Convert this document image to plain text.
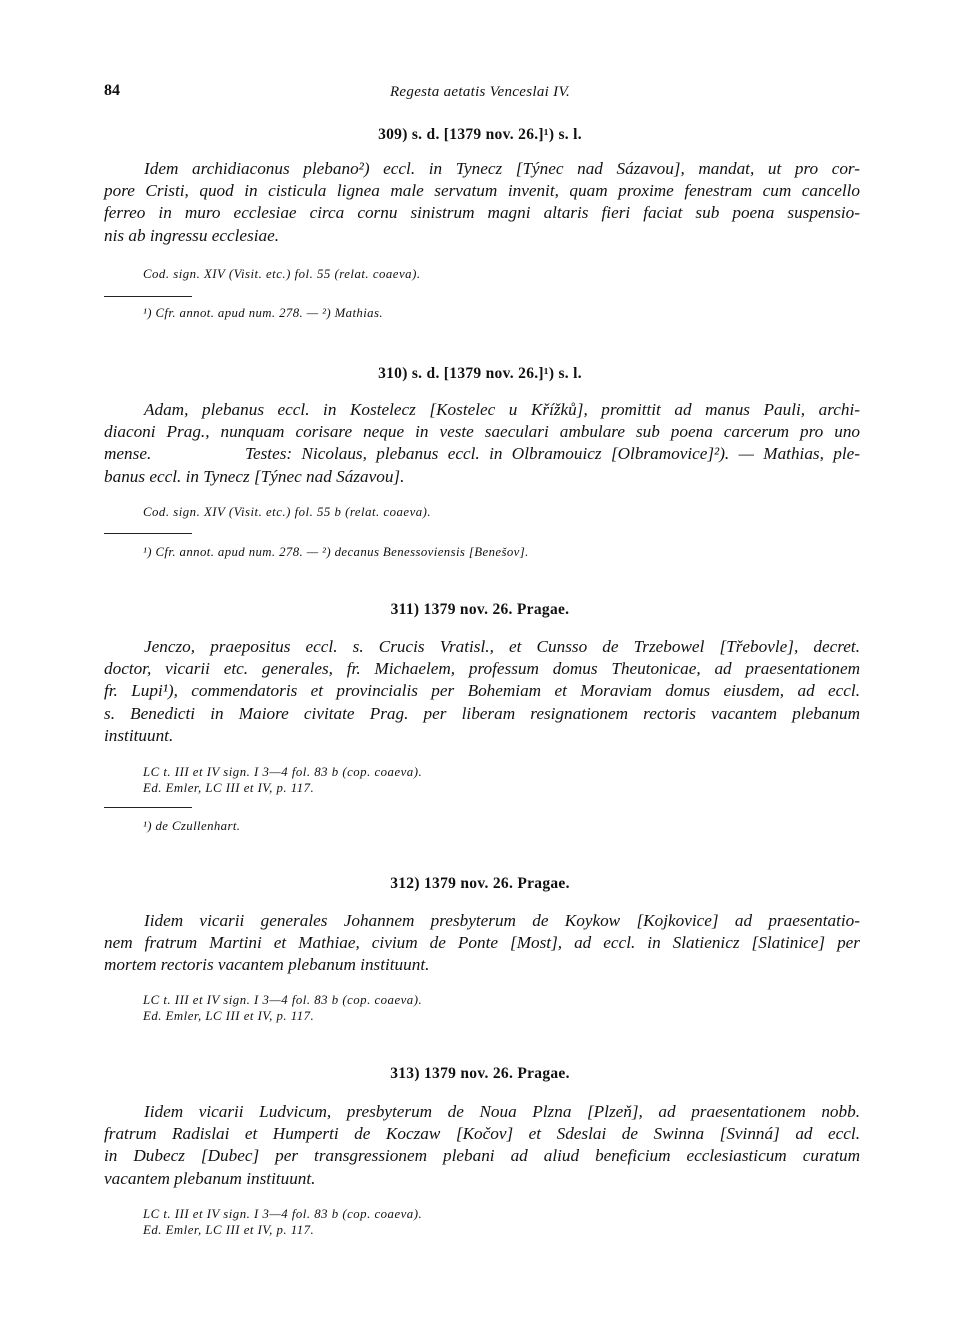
84	Regesta aetatis Venceslai IV.
309) s. d. [1379 nov. 26.]¹) s. l.
Idem archidiaconus plebano²) eccl. in Tynecz [Týnec nad Sázavou], mandat, ut pro cor-
pore Cristi, quod in cisticula lignea male servatum invenit, quam proxime fenestram cum cancello
ferreo in muro ecclesiae circa cornu sinistrum magni altaris fieri faciat sub poena suspensio-
nis ab ingressu ecclesiae.
Cod. sign. XIV (Visit. etc.) fol. 55 (relat. coaeva).
¹) Cfr. annot. apud num. 278. — ²) Mathias.
310) s. d. [1379 nov. 26.]¹) s. l.
Adam, plebanus eccl. in Kostelecz [Kostelec u Křížků], promittit ad manus Pauli, archi-
diaconi Prag., nunquam corisare neque in veste saeculari ambulare sub poena carcerum pro uno
mense.          Testes: Nicolaus, plebanus eccl. in Olbramouicz [Olbramovice]²). — Mathias, ple-
banus eccl. in Tynecz [Týnec nad Sázavou].
Cod. sign. XIV (Visit. etc.) fol. 55 b (relat. coaeva).
¹) Cfr. annot. apud num. 278. — ²) decanus Benessoviensis [Benešov].
311) 1379 nov. 26. Pragae.
Jenczo, praepositus eccl. s. Crucis Vratisl., et Cunsso de Trzebowel [Třebovle], decret.
doctor, vicarii etc. generales, fr. Michaelem, professum domus Theutonicae, ad praesentationem
fr. Lupi¹), commendatoris et provincialis per Bohemiam et Moraviam domus eiusdem, ad eccl.
s. Benedicti in Maiore civitate Prag. per liberam resignationem rectoris vacantem plebanum
instituunt.
LC t. III et IV sign. I 3—4 fol. 83 b (cop. coaeva).
Ed. Emler, LC III et IV, p. 117.
¹) de Czullenhart.
312) 1379 nov. 26. Pragae.
Iidem vicarii generales Johannem presbyterum de Koykow [Kojkovice] ad praesentatio-
nem fratrum Martini et Mathiae, civium de Ponte [Most], ad eccl. in Slatienicz [Slatinice] per
mortem rectoris vacantem plebanum instituunt.
LC t. III et IV sign. I 3—4 fol. 83 b (cop. coaeva).
Ed. Emler, LC III et IV, p. 117.
313) 1379 nov. 26. Pragae.
Iidem vicarii Ludvicum, presbyterum de Noua Plzna [Plzeň], ad praesentationem nobb.
fratrum Radislai et Humperti de Koczaw [Kočov] et Sdeslai de Swinna [Svinná] ad eccl.
in Dubecz [Dubec] per transgressionem plebani ad aliud beneficium ecclesiasticum curatum
vacantem plebanum instituunt.
LC t. III et IV sign. I 3—4 fol. 83 b (cop. coaeva).
Ed. Emler, LC III et IV, p. 117.
